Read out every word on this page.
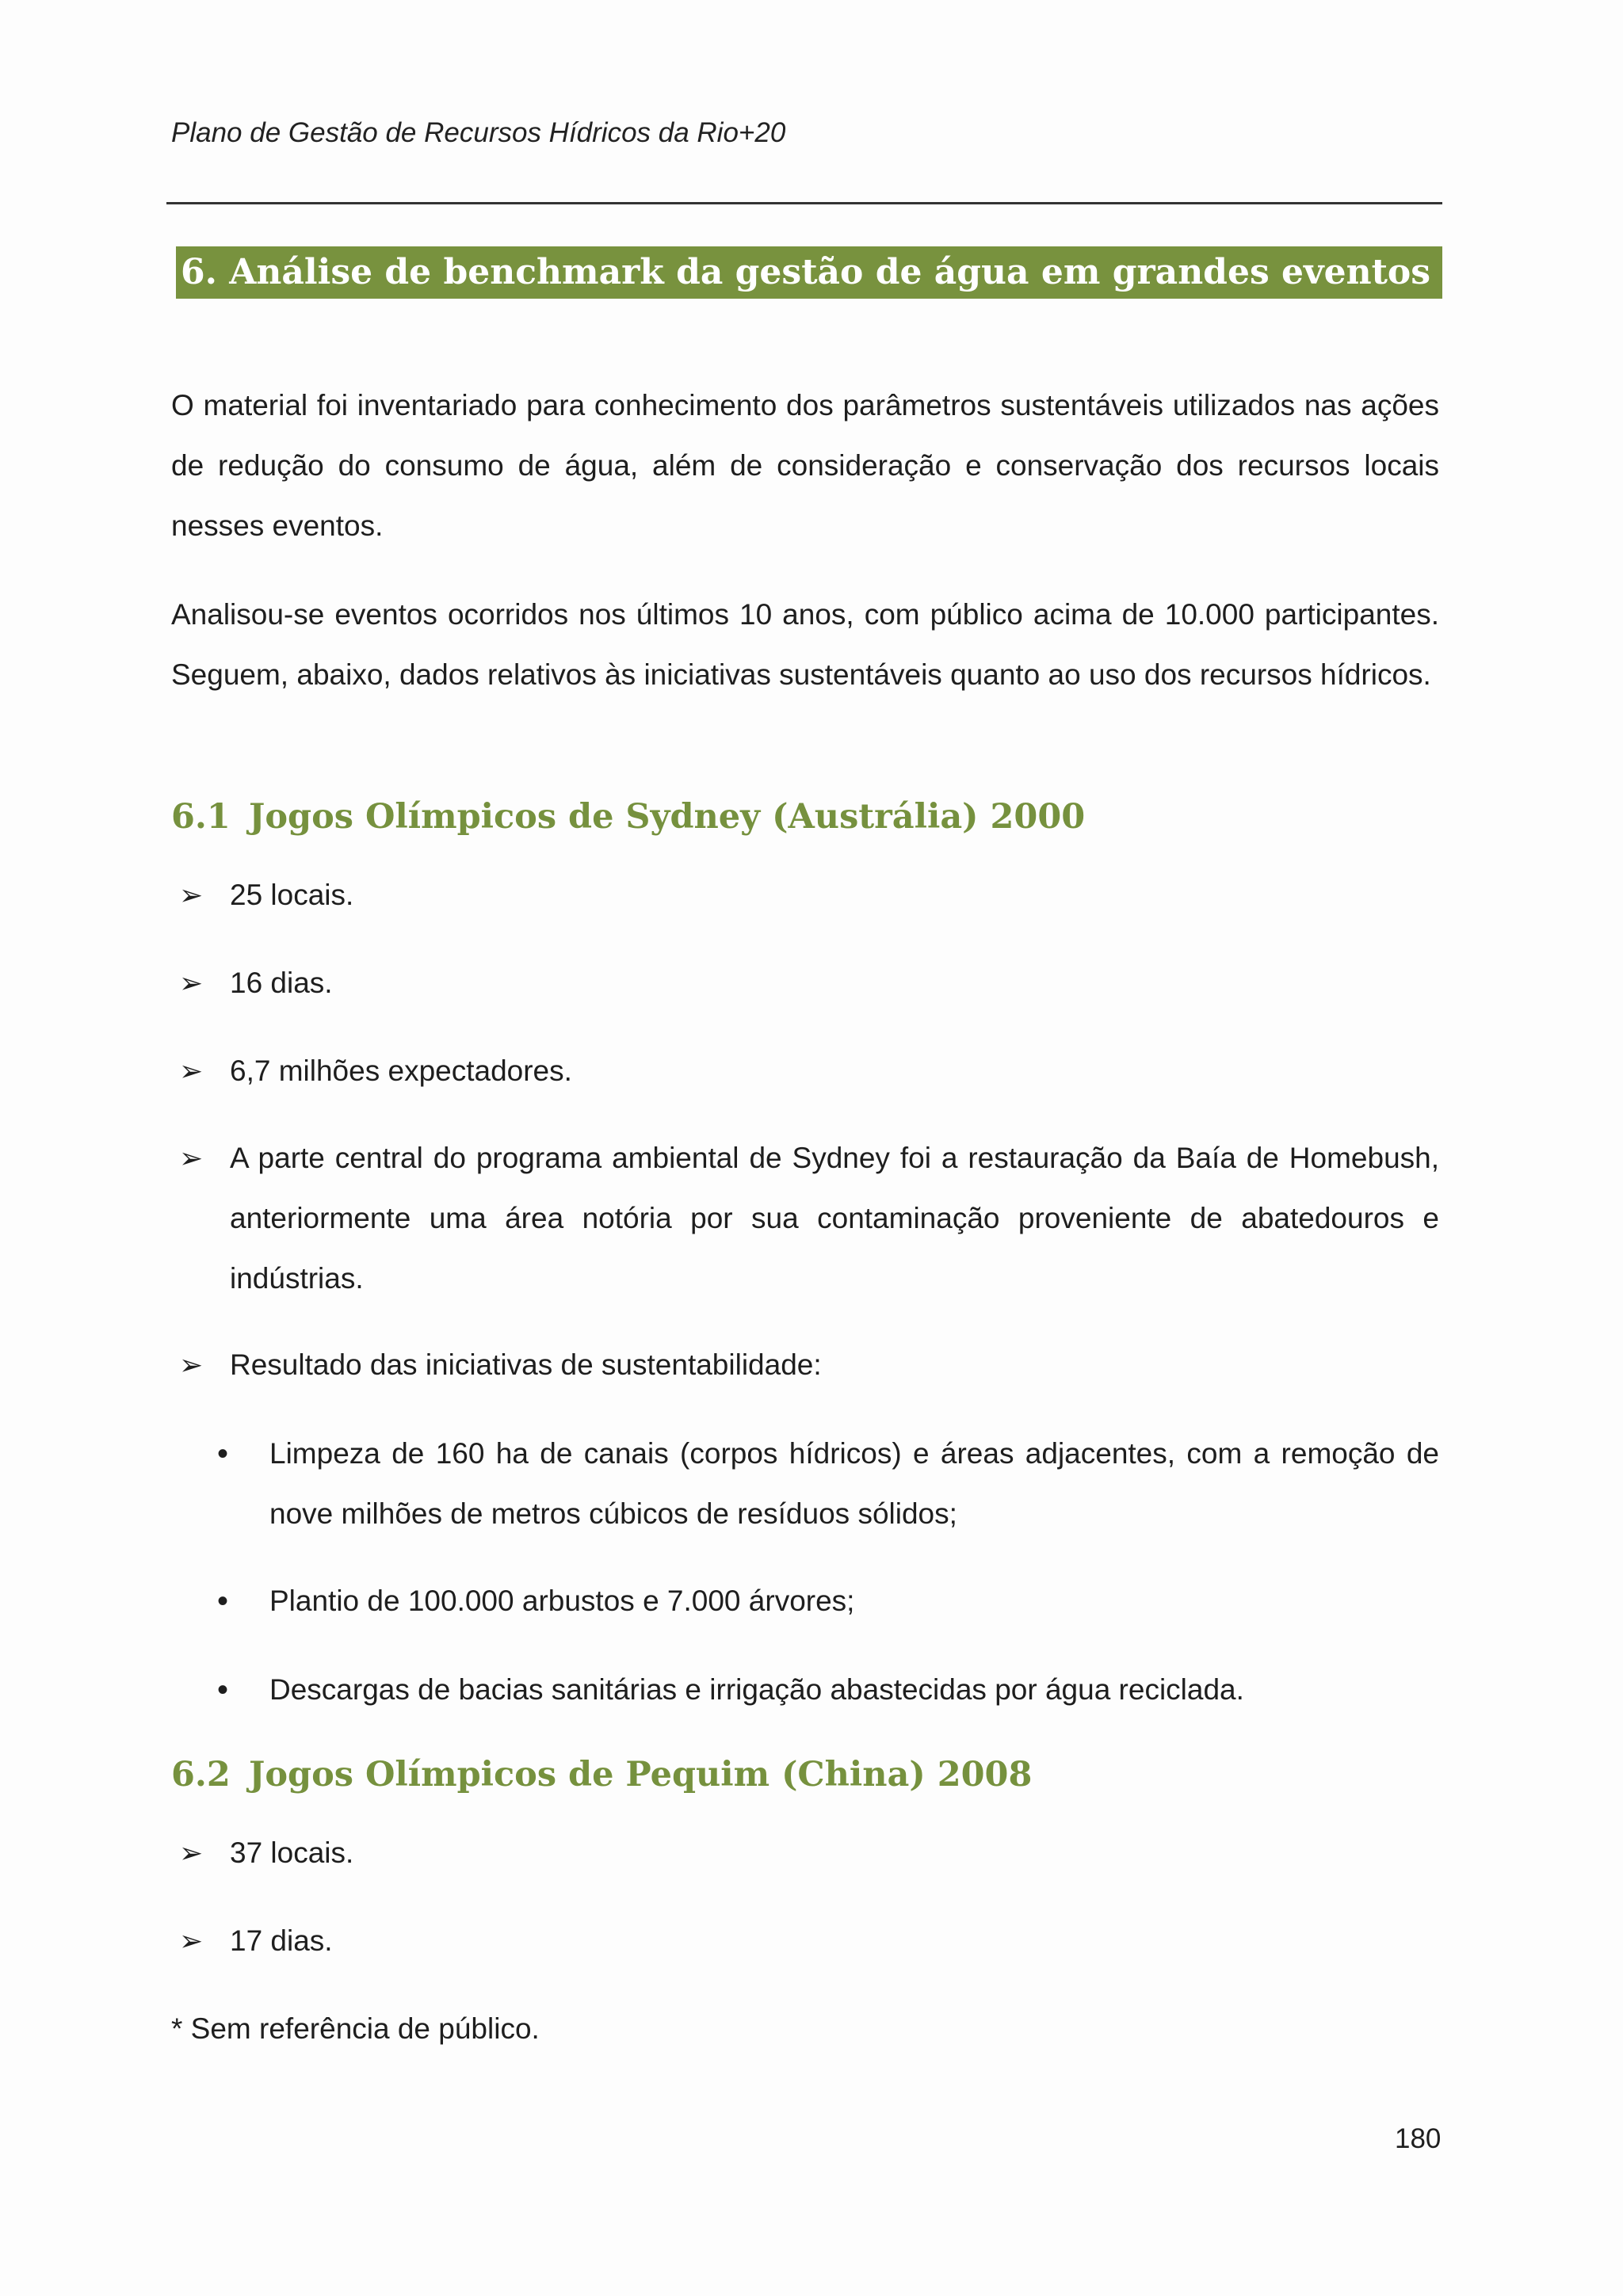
Plano de Gestão de Recursos Hídricos da Rio+20
6. Análise de benchmark da gestão de água em grandes eventos

O material foi inventariado para conhecimento dos parâmetros sustentáveis utilizados nas ações de redução do consumo de água, além de consideração e conservação dos recursos locais nesses eventos.

Analisou-se eventos ocorridos nos últimos 10 anos, com público acima de 10.000 participantes. Seguem, abaixo, dados relativos às iniciativas sustentáveis quanto ao uso dos recursos hídricos.

6.1 Jogos Olímpicos de Sydney (Austrália) 2000
➢ 25 locais.
➢ 16 dias.
➢ 6,7 milhões expectadores.
➢ A parte central do programa ambiental de Sydney foi a restauração da Baía de Homebush, anteriormente uma área notória por sua contaminação proveniente de abatedouros e indústrias.
➢ Resultado das iniciativas de sustentabilidade:
•	Limpeza de 160 ha de canais (corpos hídricos) e áreas adjacentes, com a remoção de nove milhões de metros cúbicos de resíduos sólidos;
•	Plantio de 100.000 arbustos e 7.000 árvores;
•	Descargas de bacias sanitárias e irrigação abastecidas por água reciclada.
6.2 Jogos Olímpicos de Pequim (China) 2008
➢ 37 locais.
➢ 17 dias.

* Sem referência de público.

180
